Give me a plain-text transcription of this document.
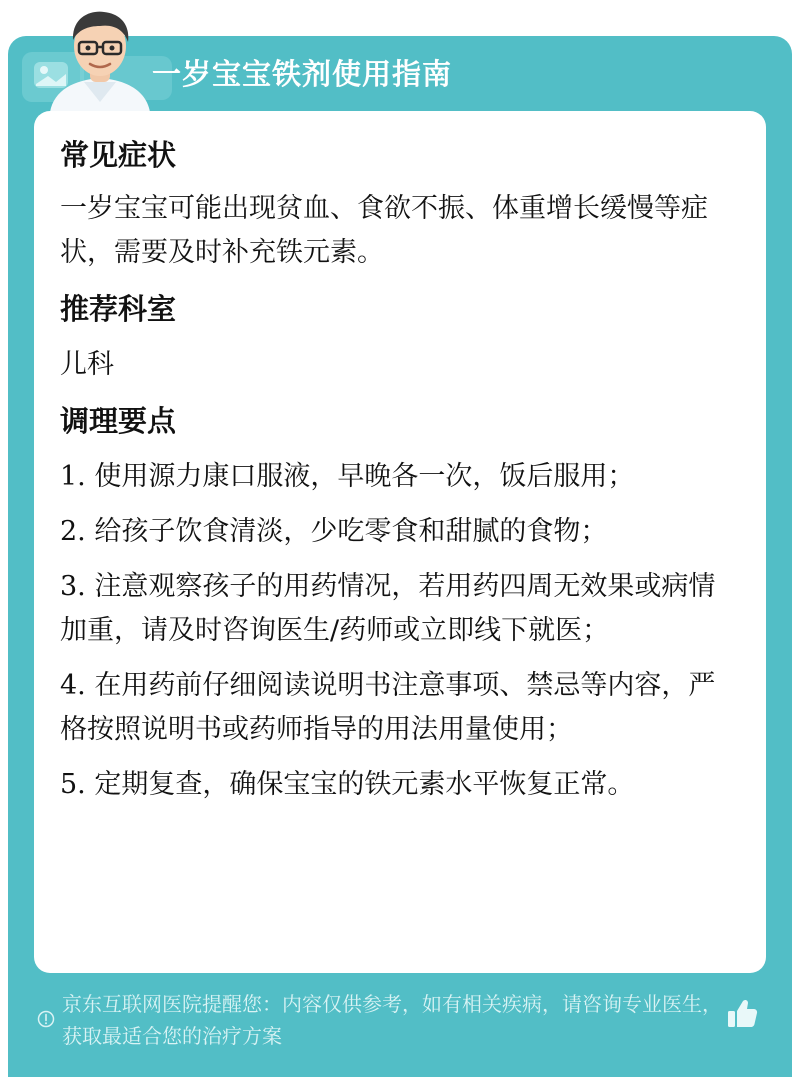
一岁宝宝铁剂使用指南
常见症状
一岁宝宝可能出现贫血、食欲不振、体重增长缓慢等症状，需要及时补充铁元素。
推荐科室
儿科
调理要点
1. 使用源力康口服液，早晚各一次，饭后服用；
2. 给孩子饮食清淡，少吃零食和甜腻的食物；
3. 注意观察孩子的用药情况，若用药四周无效果或病情加重，请及时咨询医生/药师或立即线下就医；
4. 在用药前仔细阅读说明书注意事项、禁忌等内容，严格按照说明书或药师指导的用法用量使用；
5. 定期复查，确保宝宝的铁元素水平恢复正常。
京东互联网医院提醒您：内容仅供参考，如有相关疾病，请咨询专业医生，获取最适合您的治疗方案
